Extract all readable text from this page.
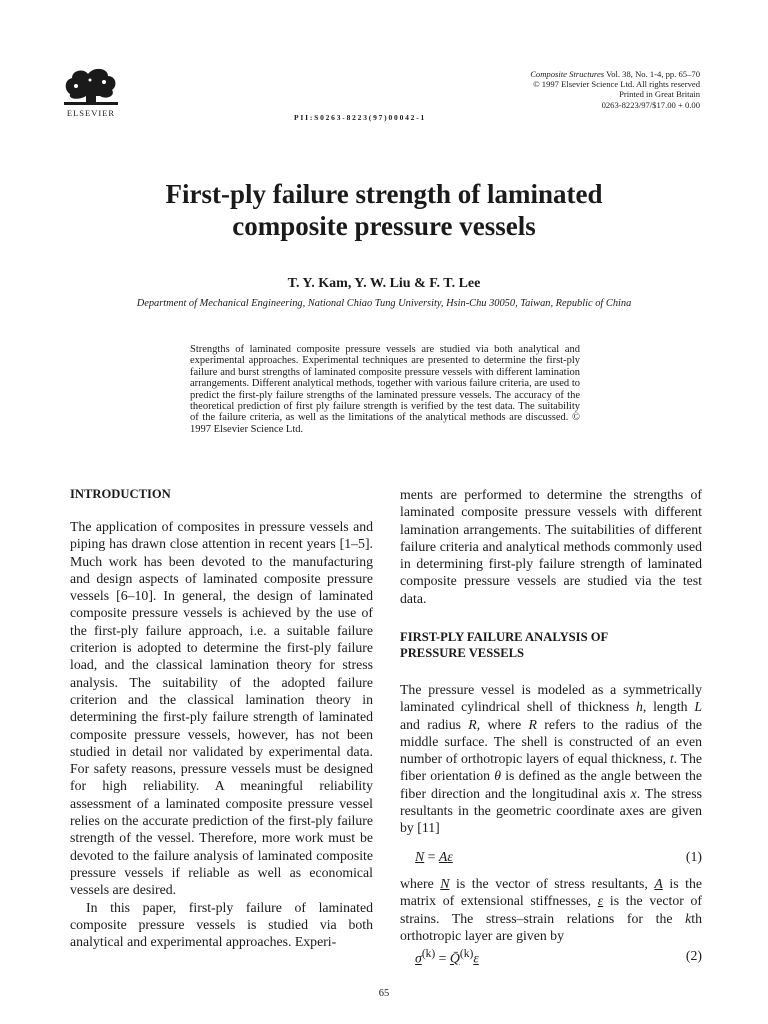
ELSEVIER
Composite Structures Vol. 38, No. 1-4, pp. 65–70
© 1997 Elsevier Science Ltd. All rights reserved
Printed in Great Britain
0263-8223/97/$17.00 + 0.00
PII:S0263-8223(97)00042-1
First-ply failure strength of laminated
composite pressure vessels
T. Y. Kam, Y. W. Liu & F. T. Lee
Department of Mechanical Engineering, National Chiao Tung University, Hsin-Chu 30050, Taiwan, Republic of China
Strengths of laminated composite pressure vessels are studied via both analytical and experimental approaches. Experimental techniques are presented to determine the first-ply failure and burst strengths of laminated composite pressure vessels with different lamination arrangements. Different analytical methods, together with various failure criteria, are used to predict the first-ply failure strengths of the laminated pressure vessels. The accuracy of the theoretical prediction of first ply failure strength is verified by the test data. The suitability of the failure criteria, as well as the limitations of the analytical methods are discussed. © 1997 Elsevier Science Ltd.
INTRODUCTION

The application of composites in pressure vessels and piping has drawn close attention in recent years [1–5]. Much work has been devoted to the manufacturing and design aspects of laminated composite pressure vessels [6–10]. In general, the design of laminated composite pressure vessels is achieved by the use of the first-ply failure approach, i.e. a suitable failure criterion is adopted to determine the first-ply failure load, and the classical lamination theory for stress analysis. The suitability of the adopted failure criterion and the classical lamination theory in determining the first-ply failure strength of laminated composite pressure vessels, however, has not been studied in detail nor validated by experimental data. For safety reasons, pressure vessels must be designed for high reliability. A meaningful reliability assessment of a laminated composite pressure vessel relies on the accurate prediction of the first-ply failure strength of the vessel. Therefore, more work must be devoted to the failure analysis of laminated composite pressure vessels if reliable as well as economical vessels are desired.

In this paper, first-ply failure of laminated composite pressure vessels is studied via both analytical and experimental approaches. Experi-

ments are performed to determine the strengths of laminated composite pressure vessels with different lamination arrangements. The suitabilities of different failure criteria and analytical methods commonly used in determining first-ply failure strength of laminated composite pressure vessels are studied via the test data.

FIRST-PLY FAILURE ANALYSIS OF
PRESSURE VESSELS

The pressure vessel is modeled as a symmetrically laminated cylindrical shell of thickness h, length L and radius R, where R refers to the radius of the middle surface. The shell is constructed of an even number of orthotropic layers of equal thickness, t. The fiber orientation θ is defined as the angle between the fiber direction and the longitudinal axis x. The stress resultants in the geometric coordinate axes are given by [11]

N = Aε	(1)

where N is the vector of stress resultants, A is the matrix of extensional stiffnesses, ε is the vector of strains. The stress–strain relations for the kth orthotropic layer are given by

$\sigma^{(k)}$ = Q̄$^{(k)}$ε	(2)
65
